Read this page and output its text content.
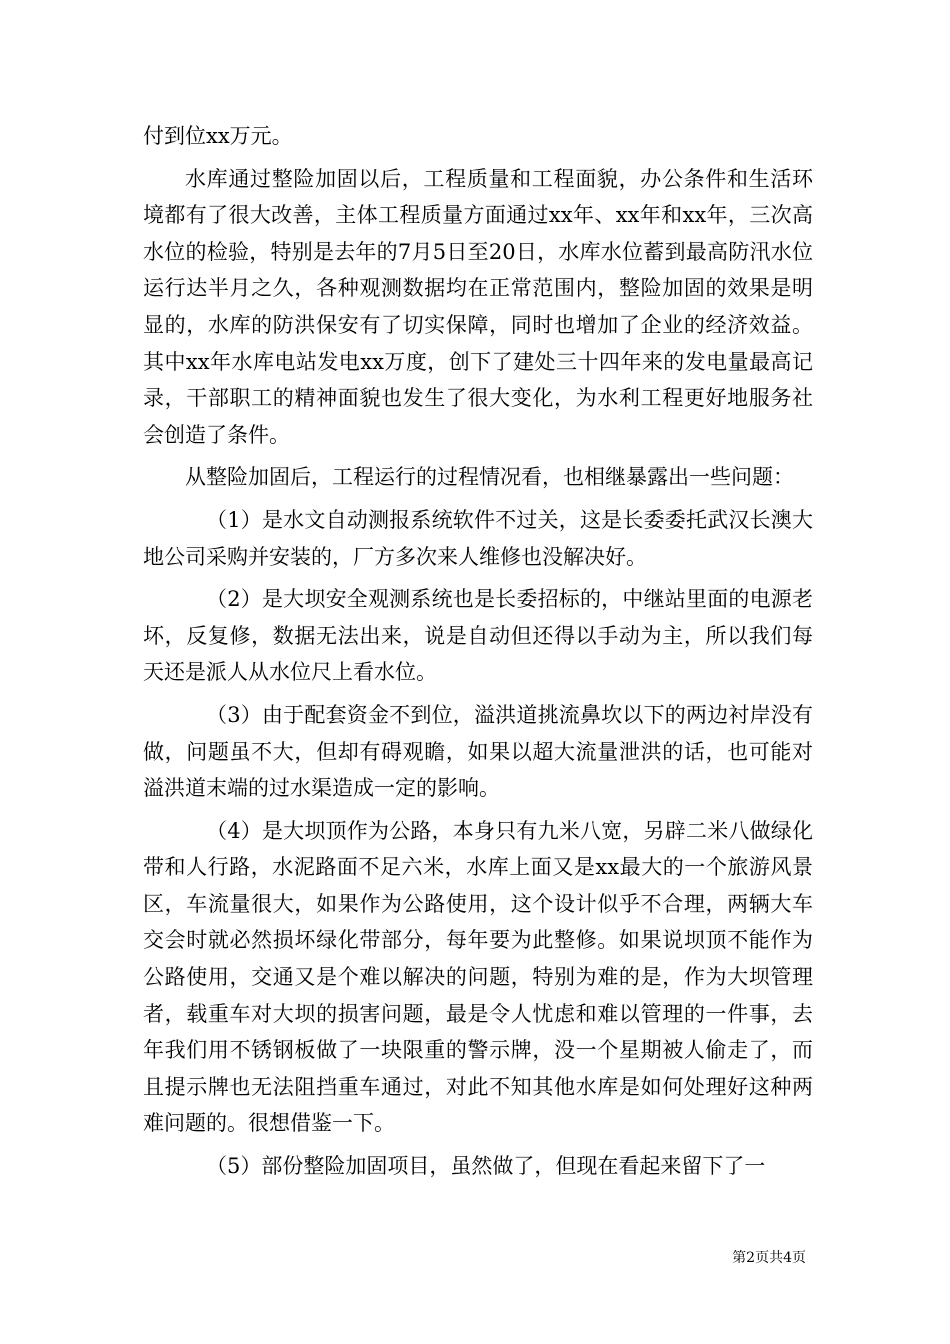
付到位xx万元。

水库通过整险加固以后，工程质量和工程面貌，办公条件和生活环境都有了很大改善，主体工程质量方面通过xx年、xx年和xx年，三次高水位的检验，特别是去年的7月5日至20日，水库水位蓄到最高防汛水位运行达半月之久，各种观测数据均在正常范围内，整险加固的效果是明显的，水库的防洪保安有了切实保障，同时也增加了企业的经济效益。其中xx年水库电站发电xx万度，创下了建处三十四年来的发电量最高记录，干部职工的精神面貌也发生了很大变化，为水利工程更好地服务社会创造了条件。

从整险加固后，工程运行的过程情况看，也相继暴露出一些问题：

（1）是水文自动测报系统软件不过关，这是长委委托武汉长澳大地公司采购并安装的，厂方多次来人维修也没解决好。

（2）是大坝安全观测系统也是长委招标的，中继站里面的电源老坏，反复修，数据无法出来，说是自动但还得以手动为主，所以我们每天还是派人从水位尺上看水位。

（3）由于配套资金不到位，溢洪道挑流鼻坎以下的两边衬岸没有做，问题虽不大，但却有碍观瞻，如果以超大流量泄洪的话，也可能对溢洪道末端的过水渠造成一定的影响。

（4）是大坝顶作为公路，本身只有九米八宽，另辟二米八做绿化带和人行路，水泥路面不足六米，水库上面又是xx最大的一个旅游风景区，车流量很大，如果作为公路使用，这个设计似乎不合理，两辆大车交会时就必然损坏绿化带部分，每年要为此整修。如果说坝顶不能作为公路使用，交通又是个难以解决的问题，特别为难的是，作为大坝管理者，载重车对大坝的损害问题，最是令人忧虑和难以管理的一件事，去年我们用不锈钢板做了一块限重的警示牌，没一个星期被人偷走了，而且提示牌也无法阻挡重车通过，对此不知其他水库是如何处理好这种两难问题的。很想借鉴一下。

（5）部份整险加固项目，虽然做了，但现在看起来留下了一

第2页共4页
